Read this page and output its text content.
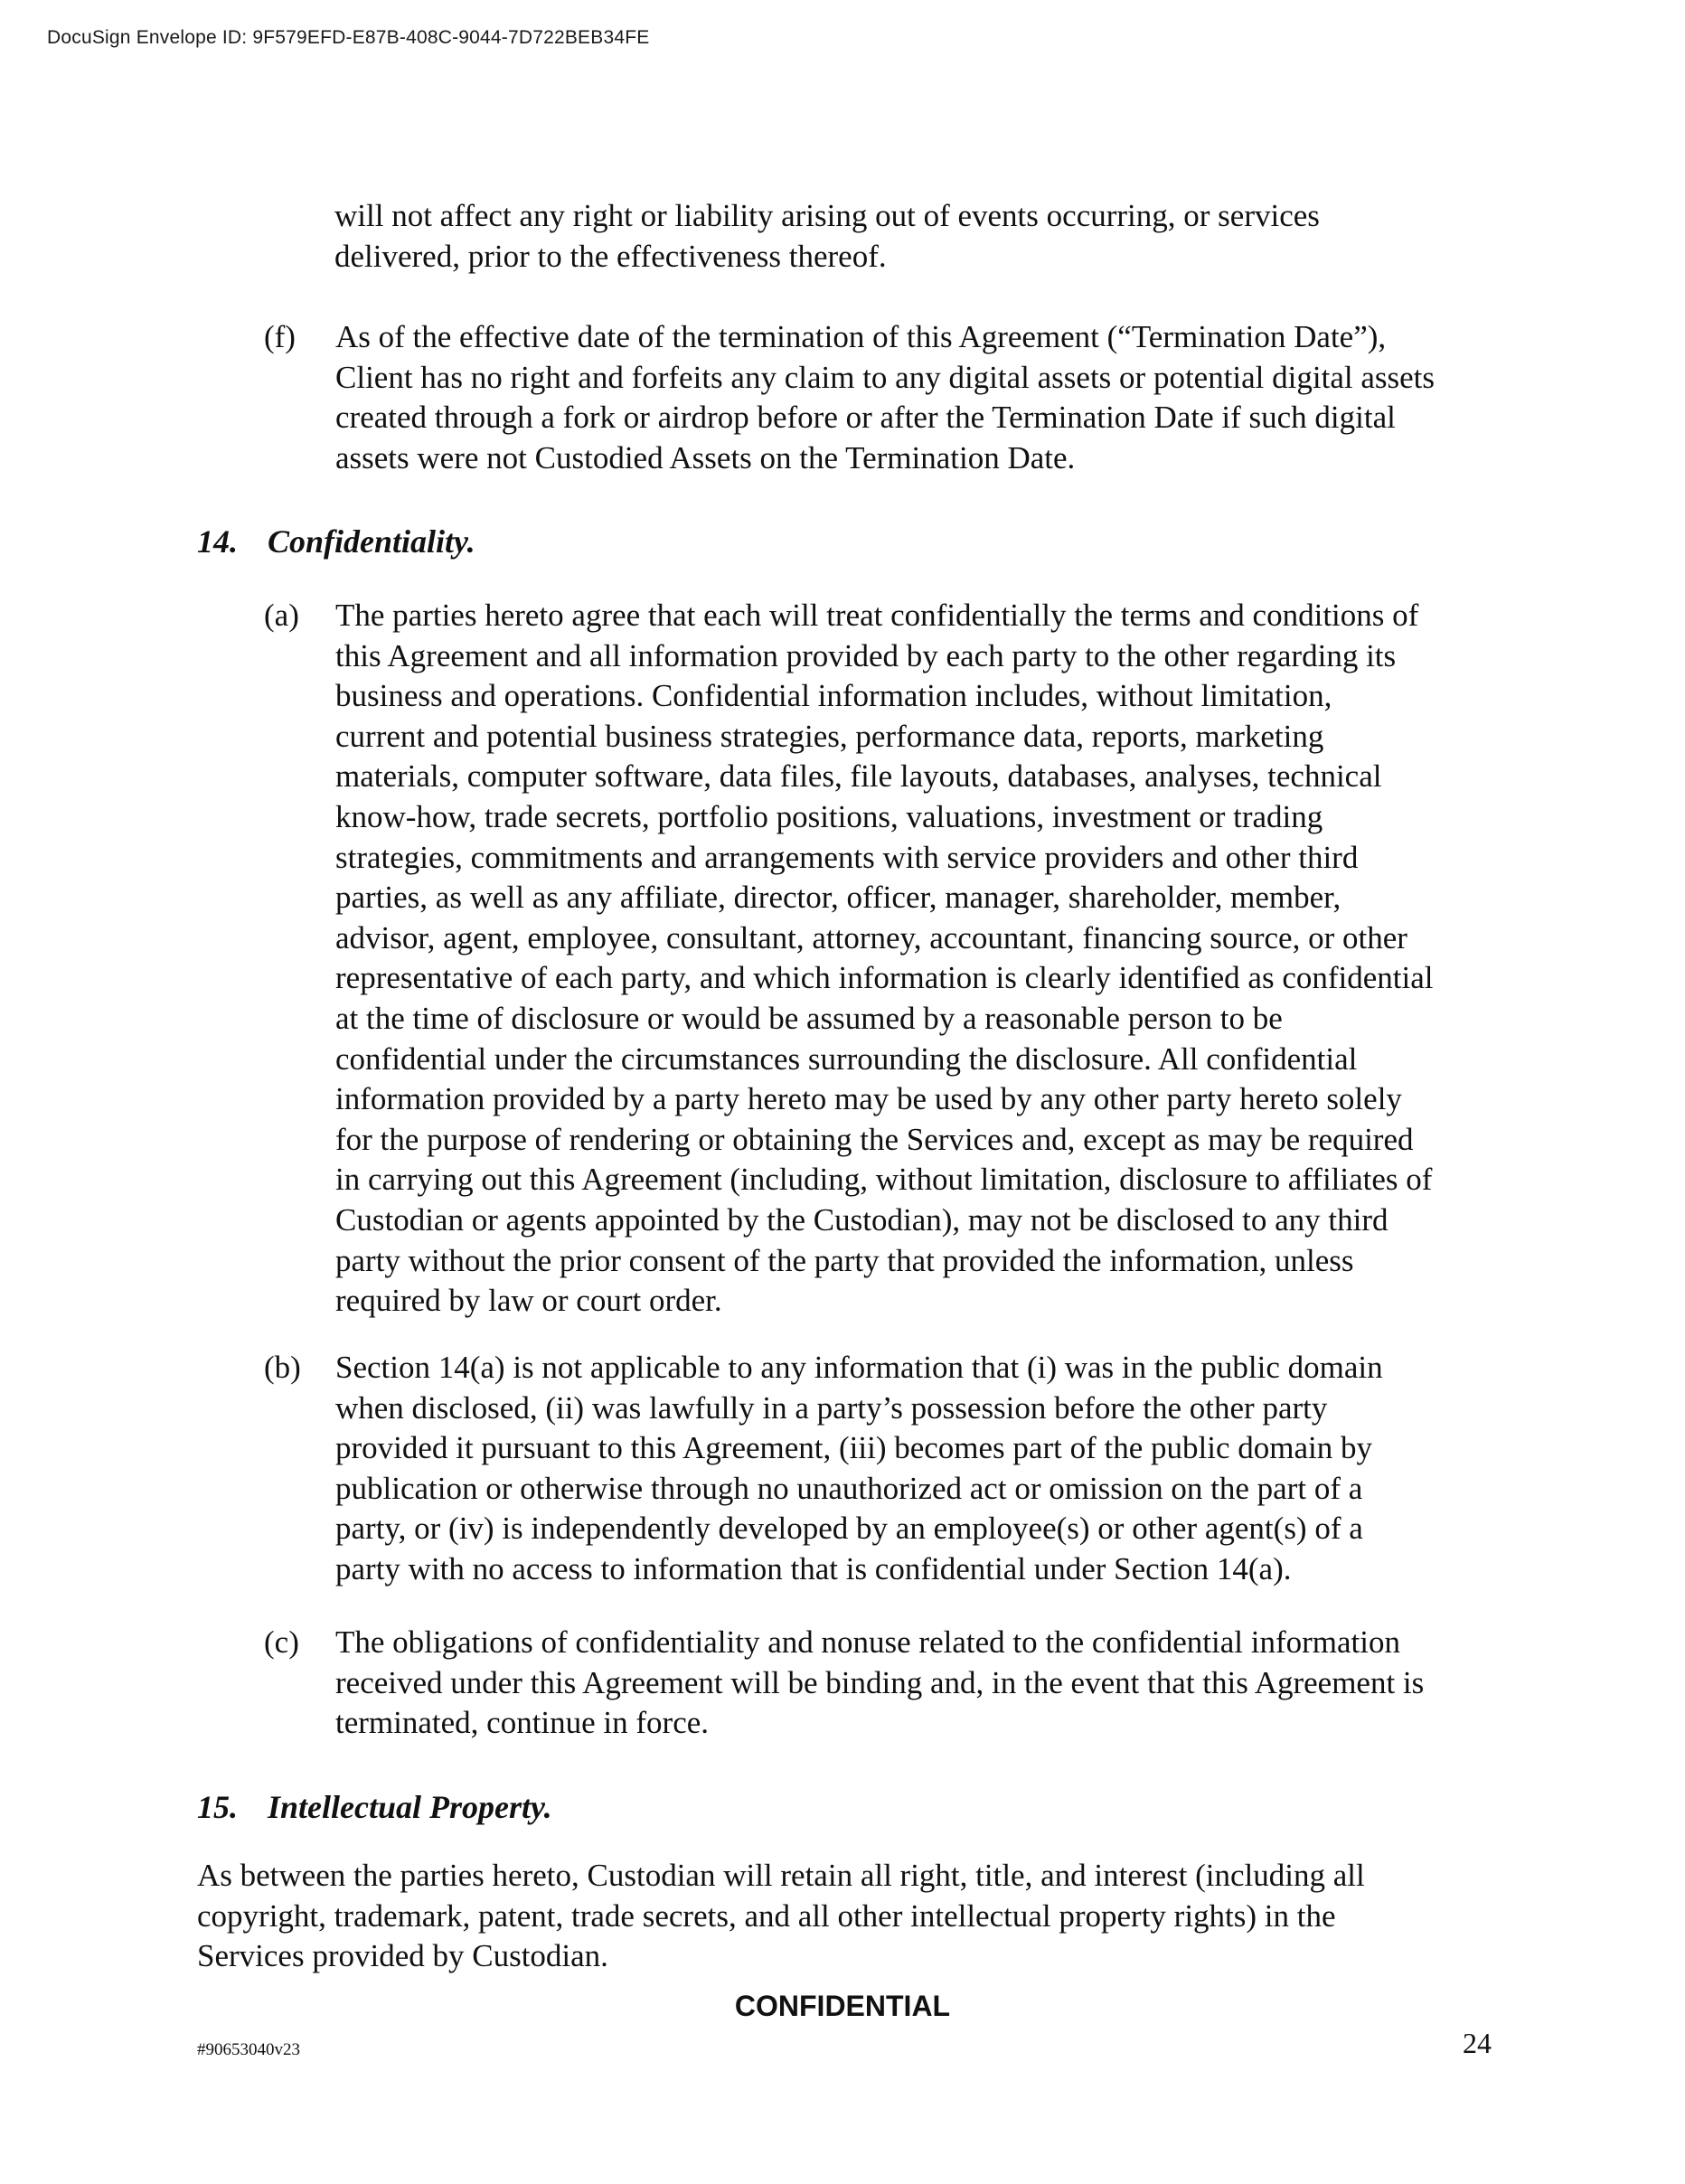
DocuSign Envelope ID: 9F579EFD-E87B-408C-9044-7D722BEB34FE

will not affect any right or liability arising out of events occurring, or services
delivered, prior to the effectiveness thereof.

(f) As of the effective date of the termination of this Agreement (“Termination Date”),
Client has no right and forfeits any claim to any digital assets or potential digital assets
created through a fork or airdrop before or after the Termination Date if such digital
assets were not Custodied Assets on the Termination Date.

14. Confidentiality.
(a) The parties hereto agree that each will treat confidentially the terms and conditions of
this Agreement and all information provided by each party to the other regarding its
business and operations. Confidential information includes, without limitation,
current and potential business strategies, performance data, reports, marketing
materials, computer software, data files, file layouts, databases, analyses, technical
know-how, trade secrets, portfolio positions, valuations, investment or trading
strategies, commitments and arrangements with service providers and other third
parties, as well as any affiliate, director, officer, manager, shareholder, member,
advisor, agent, employee, consultant, attorney, accountant, financing source, or other
representative of each party, and which information is clearly identified as confidential
at the time of disclosure or would be assumed by a reasonable person to be
confidential under the circumstances surrounding the disclosure. All confidential
information provided by a party hereto may be used by any other party hereto solely
for the purpose of rendering or obtaining the Services and, except as may be required
in carrying out this Agreement (including, without limitation, disclosure to affiliates of
Custodian or agents appointed by the Custodian), may not be disclosed to any third
party without the prior consent of the party that provided the information, unless
required by law or court order.

(b) Section 14(a) is not applicable to any information that (i) was in the public domain
when disclosed, (ii) was lawfully in a party’s possession before the other party
provided it pursuant to this Agreement, (iii) becomes part of the public domain by
publication or otherwise through no unauthorized act or omission on the part of a
party, or (iv) is independently developed by an employee(s) or other agent(s) of a
party with no access to information that is confidential under Section 14(a).

(c) The obligations of confidentiality and nonuse related to the confidential information
received under this Agreement will be binding and, in the event that this Agreement is
terminated, continue in force.

15. Intellectual Property.

As between the parties hereto, Custodian will retain all right, title, and interest (including all
copyright, trademark, patent, trade secrets, and all other intellectual property rights) in the
Services provided by Custodian.

CONFIDENTIAL
#90653040v23	24
